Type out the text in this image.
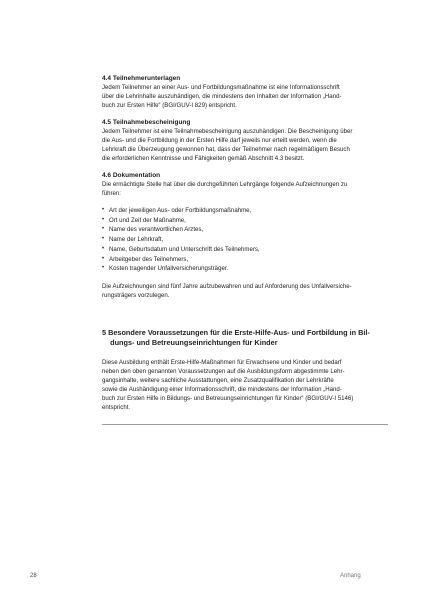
4.4 Teilnehmerunterlagen

Jedem Teilnehmer an einer Aus- und Fortbildungsmaßnahme ist eine Informationsschrift

über die Lehrinhalte auszuhändigen, die mindestens den Inhalten der Information „Hand-

buch zur Ersten Hilfe“ (BGI/GUV-I 829) entspricht.

4.5 Teilnahmebescheinigung

Jedem Teilnehmer ist eine Teilnahmebescheinigung auszuhändigen. Die Bescheinigung über

die Aus- und die Fortbildung in der Ersten Hilfe darf jeweils nur erteilt werden, wenn die

Lehrkraft die Überzeugung gewonnen hat, dass der Teilnehmer nach regelmäßigem Besuch

die erforderlichen Kenntnisse und Fähigkeiten gemäß Abschnitt 4.3 besitzt.

4.6 Dokumentation

Die ermächtigte Stelle hat über die durchgeführten Lehrgänge folgende Aufzeichnungen zu

führen:

• Art der jeweiligen Aus- oder Fortbildungsmaßnahme,
• Ort und Zeit der Maßnahme,
• Name des verantwortlichen Arztes,
• Name der Lehrkraft,
• Name, Geburtsdatum und Unterschrift des Teilnehmers,
• Arbeitgeber des Teilnehmers,
• Kosten tragender Unfallversicherungsträger.

Die Aufzeichnungen sind fünf Jahre aufzubewahren und auf Anforderung des Unfallversiche-

rungsträgers vorzulegen.

5 Besondere Voraussetzungen für die Erste-Hilfe-Aus- und Fortbildung in Bil-

dungs- und Betreuungseinrichtungen für Kinder

Diese Ausbildung enthält Erste-Hilfe-Maßnahmen für Erwachsene und Kinder und bedarf

neben den oben genannten Voraussetzungen auf die Ausbildungsform abgestimmte Lehr-

gangsinhalte, weitere sachliche Ausstattungen, eine Zusatzqualifikation der Lehrkräfte

sowie die Aushändigung einer Informationsschrift, die mindestens der Information „Hand-

buch zur Ersten Hilfe in Bildungs- und Betreuungseinrichtungen für Kinder“ (BGI/GUV-I 5146)

entspricht.

28	Anhang
